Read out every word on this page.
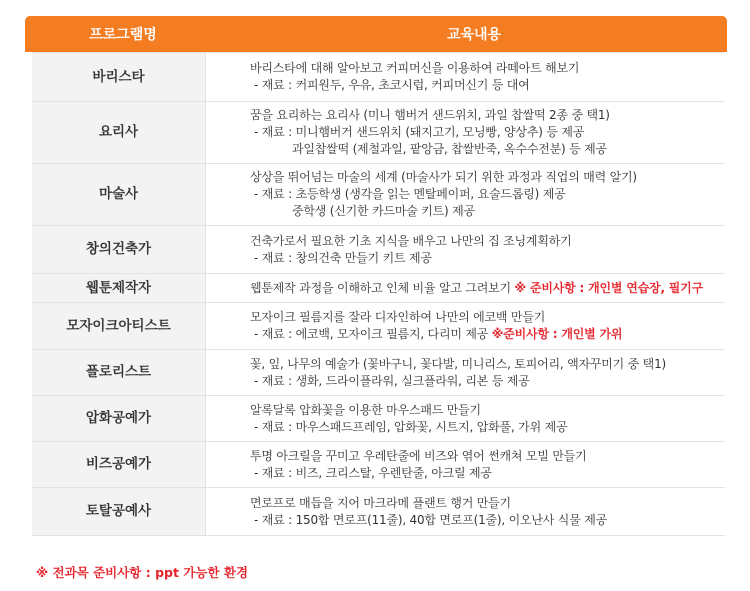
프로그램명	교육내용
바리스타	바리스타에 대해 알아보고 커피머신을 이용하여 라떼아트 해보기
- 재료 : 커피원두, 우유, 초코시럽, 커피머신기 등 대여

요리사	꿈을 요리하는 요리사 (미니 햄버거 샌드위치, 과일 찹쌀떡 2종 중 택1)
- 재료 : 미니햄버거 샌드위치 (돼지고기, 모닝빵, 양상추) 등 제공
과일찹쌀떡 (제철과일, 팥앙금, 찹쌀반죽, 옥수수전분) 등 제공

마술사	상상을 뛰어넘는 마술의 세계 (마술사가 되기 위한 과정과 직업의 매력 알기)
- 재료 : 초등학생 (생각을 읽는 멘탈페이퍼, 요술드롭링) 제공
중학생 (신기한 카드마술 키트) 제공

창의건축가	건축가로서 필요한 기초 지식을 배우고 나만의 집 조닝계획하기
- 재료 : 창의건축 만들기 키트 제공

웹툰제작자	웹툰제작 과정을 이해하고 인체 비율 알고 그려보기 ※ 준비사항 : 개인별 연습장, 필기구

모자이크아티스트	모자이크 필름지를 잘라 디자인하여 나만의 에코백 만들기
- 재료 : 에코백, 모자이크 필름지, 다리미 제공 ※준비사항 : 개인별 가위

플로리스트	꽃, 잎, 나무의 예술가 (꽃바구니, 꽃다발, 미니리스, 토피어리, 액자꾸미기 중 택1)
- 재료 : 생화, 드라이플라워, 실크플라워, 리본 등 제공

압화공예가	알록달록 압화꽃을 이용한 마우스패드 만들기
- 재료 : 마우스패드프레임, 압화꽃, 시트지, 압화풀, 가위 제공

비즈공예가	투명 아크릴을 꾸미고 우레탄줄에 비즈와 엮어 썬캐쳐 모빌 만들기
- 재료 : 비즈, 크리스탈, 우렌탄줄, 아크릴 제공

토탈공예사	면로프로 매듭을 지어 마크라메 플랜트 행거 만들기
- 재료 : 150합 면로프(11줄), 40합 면로프(1줄), 이오난사 식물 제공
※ 전과목 준비사항 : ppt 가능한 환경
